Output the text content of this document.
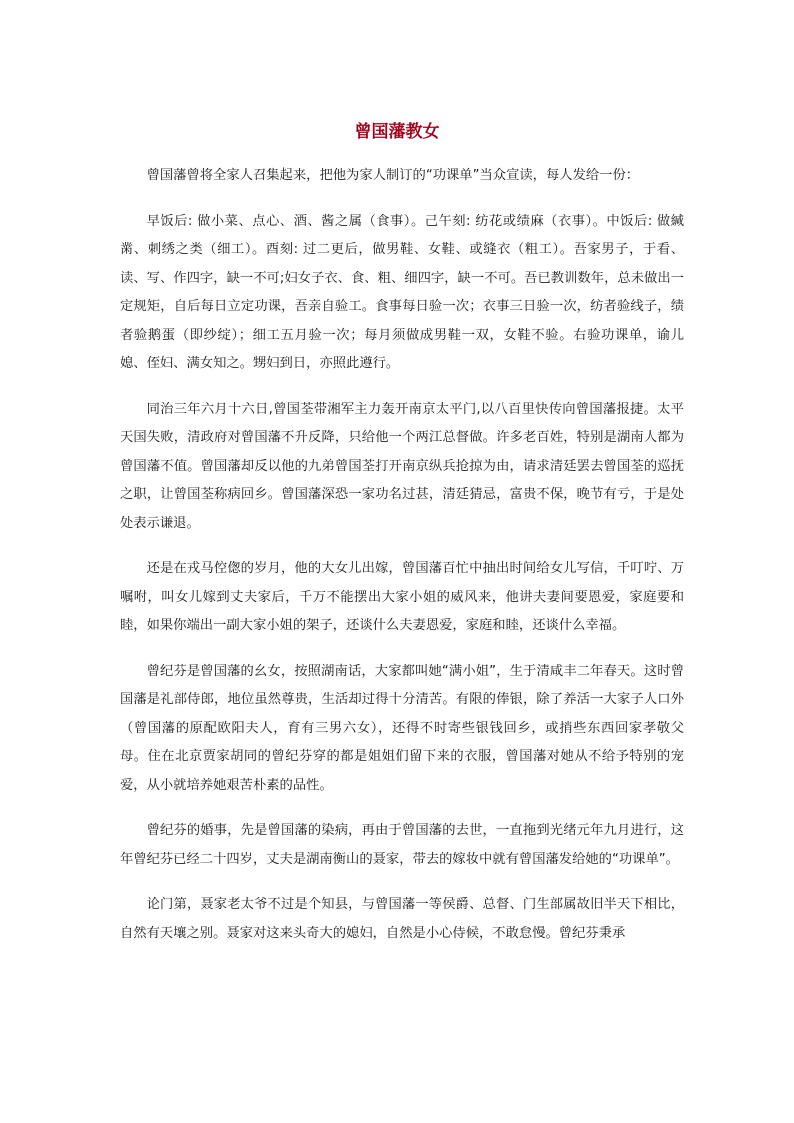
曾国藩教女

曾国藩曾将全家人召集起来，把他为家人制订的“功课单”当众宣读，每人发给一份：

早饭后: 做小菜、点心、酒、酱之属（食事）。己午刻: 纺花或绩麻（衣事）。中饭后: 做緘黹、刺绣之类（细工）。酉刻: 过二更后，做男鞋、女鞋、或缝衣（粗工）。吾家男子，于看、读、写、作四字，缺一不可;妇女子衣、食、粗、细四字，缺一不可。吾已教训数年，总未做出一定规矩，自后每日立定功课，吾亲自验工。食事每日验一次；衣事三日验一次，纺者验线子，绩者验鹅蛋（即纱绽）；细工五月验一次；每月须做成男鞋一双，女鞋不验。右验功课单，谕儿媳、侄妇、满女知之。甥妇到日，亦照此遵行。

同治三年六月十六日,曾国荃带湘军主力轰开南京太平门,以八百里快传向曾国藩报捷。太平天国失败，清政府对曾国藩不升反降，只给他一个两江总督做。许多老百姓，特别是湖南人都为曾国藩不值。曾国藩却反以他的九弟曾国荃打开南京纵兵抢掠为由，请求清廷罢去曾国荃的巡抚之职，让曾国荃称病回乡。曾国藩深恐一家功名过甚，清廷猜忌，富贵不保，晚节有亏，于是处处表示谦退。

还是在戎马倥偬的岁月，他的大女儿出嫁，曾国藩百忙中抽出时间给女儿写信，千叮咛、万嘱咐，叫女儿嫁到丈夫家后，千万不能摆出大家小姐的威风来，他讲夫妻间要恩爱，家庭要和睦，如果你端出一副大家小姐的架子，还谈什么夫妻恩爱，家庭和睦，还谈什么幸福。

曾纪芬是曾国藩的幺女，按照湖南话，大家都叫她“满小姐”，生于清咸丰二年春天。这时曾国藩是礼部侍郎，地位虽然尊贵，生活却过得十分清苦。有限的俸银，除了养活一大家子人口外（曾国藩的原配欧阳夫人，育有三男六女），还得不时寄些银钱回乡，或捎些东西回家孝敬父母。住在北京贾家胡同的曾纪芬穿的都是姐姐们留下来的衣服，曾国藩对她从不给予特别的宠爱，从小就培养她艰苦朴素的品性。

曾纪芬的婚事，先是曾国藩的染病，再由于曾国藩的去世，一直拖到光绪元年九月进行，这年曾纪芬已经二十四岁，丈夫是湖南衡山的聂家，带去的嫁妆中就有曾国藩发给她的“功课单”。

论门第，聂家老太爷不过是个知县，与曾国藩一等侯爵、总督、门生部属故旧半天下相比，自然有天壤之别。聂家对这来头奇大的媳妇，自然是小心侍候，不敢怠慢。曾纪芬秉承
